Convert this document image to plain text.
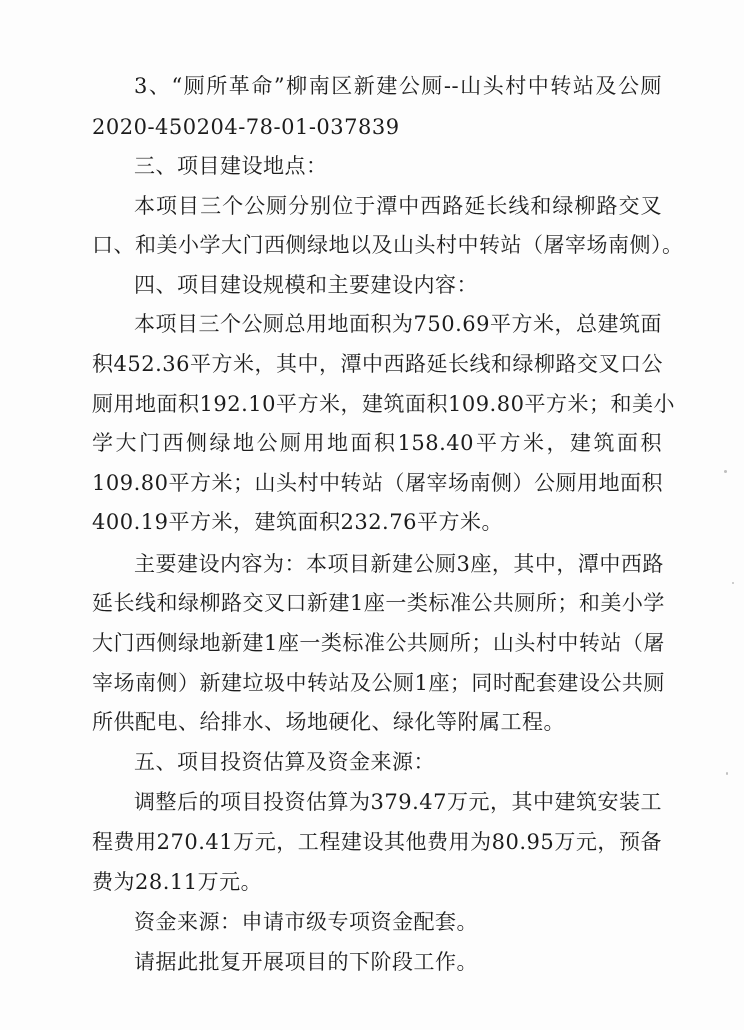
3、“厕所革命”柳南区新建公厕--山头村中转站及公厕
2020-450204-78-01-037839
三、项目建设地点：
本项目三个公厕分别位于潭中西路延长线和绿柳路交叉
口、和美小学大门西侧绿地以及山头村中转站（屠宰场南侧）。
四、项目建设规模和主要建设内容：
本项目三个公厕总用地面积为750.69平方米，总建筑面
积452.36平方米，其中，潭中西路延长线和绿柳路交叉口公
厕用地面积192.10平方米，建筑面积109.80平方米；和美小
学大门西侧绿地公厕用地面积158.40平方米，建筑面积
109.80平方米；山头村中转站（屠宰场南侧）公厕用地面积
400.19平方米，建筑面积232.76平方米。
主要建设内容为：本项目新建公厕3座，其中，潭中西路
延长线和绿柳路交叉口新建1座一类标准公共厕所；和美小学
大门西侧绿地新建1座一类标准公共厕所；山头村中转站（屠
宰场南侧）新建垃圾中转站及公厕1座；同时配套建设公共厕
所供配电、给排水、场地硬化、绿化等附属工程。
五、项目投资估算及资金来源：
调整后的项目投资估算为379.47万元，其中建筑安装工
程费用270.41万元，工程建设其他费用为80.95万元，预备
费为28.11万元。
资金来源：申请市级专项资金配套。
请据此批复开展项目的下阶段工作。
